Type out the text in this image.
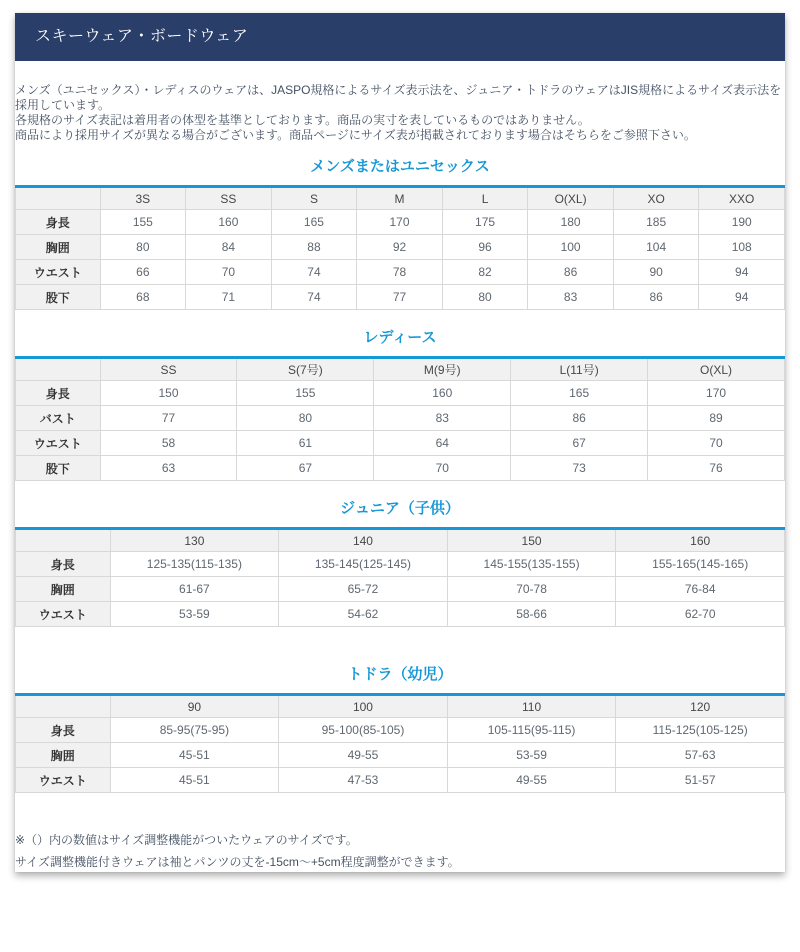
スキーウェア・ボードウェア

メンズ（ユニセックス）・レディスのウェアは、JASPO規格によるサイズ表示法を、ジュニア・トドラのウェアはJIS規格によるサイズ表示法を採用しています。

各規格のサイズ表記は着用者の体型を基準としております。商品の実寸を表しているものではありません。

商品により採用サイズが異なる場合がございます。商品ページにサイズ表が掲載されております場合はそちらをご参照下さい。

メンズまたはユニセックス
	3S	SS	S	M	L	O(XL)	XO	XXO
身長	155	160	165	170	175	180	185	190
胸囲	80	84	88	92	96	100	104	108
ウエスト	66	70	74	78	82	86	90	94
股下	68	71	74	77	80	83	86	94
レディース
	SS	S(7号)	M(9号)	L(11号)	O(XL)
身長	150	155	160	165	170
バスト	77	80	83	86	89
ウエスト	58	61	64	67	70
股下	63	67	70	73	76
ジュニア（子供）
	130	140	150	160
身長	125-135(115-135)	135-145(125-145)	145-155(135-155)	155-165(145-165)
胸囲	61-67	65-72	70-78	76-84
ウエスト	53-59	54-62	58-66	62-70
トドラ（幼児）
	90	100	110	120
身長	85-95(75-95)	95-100(85-105)	105-115(95-115)	115-125(105-125)
胸囲	45-51	49-55	53-59	57-63
ウエスト	45-51	47-53	49-55	51-57

※（）内の数値はサイズ調整機能がついたウェアのサイズです。

サイズ調整機能付きウェアは袖とパンツの丈を-15cm～+5cm程度調整ができます。
